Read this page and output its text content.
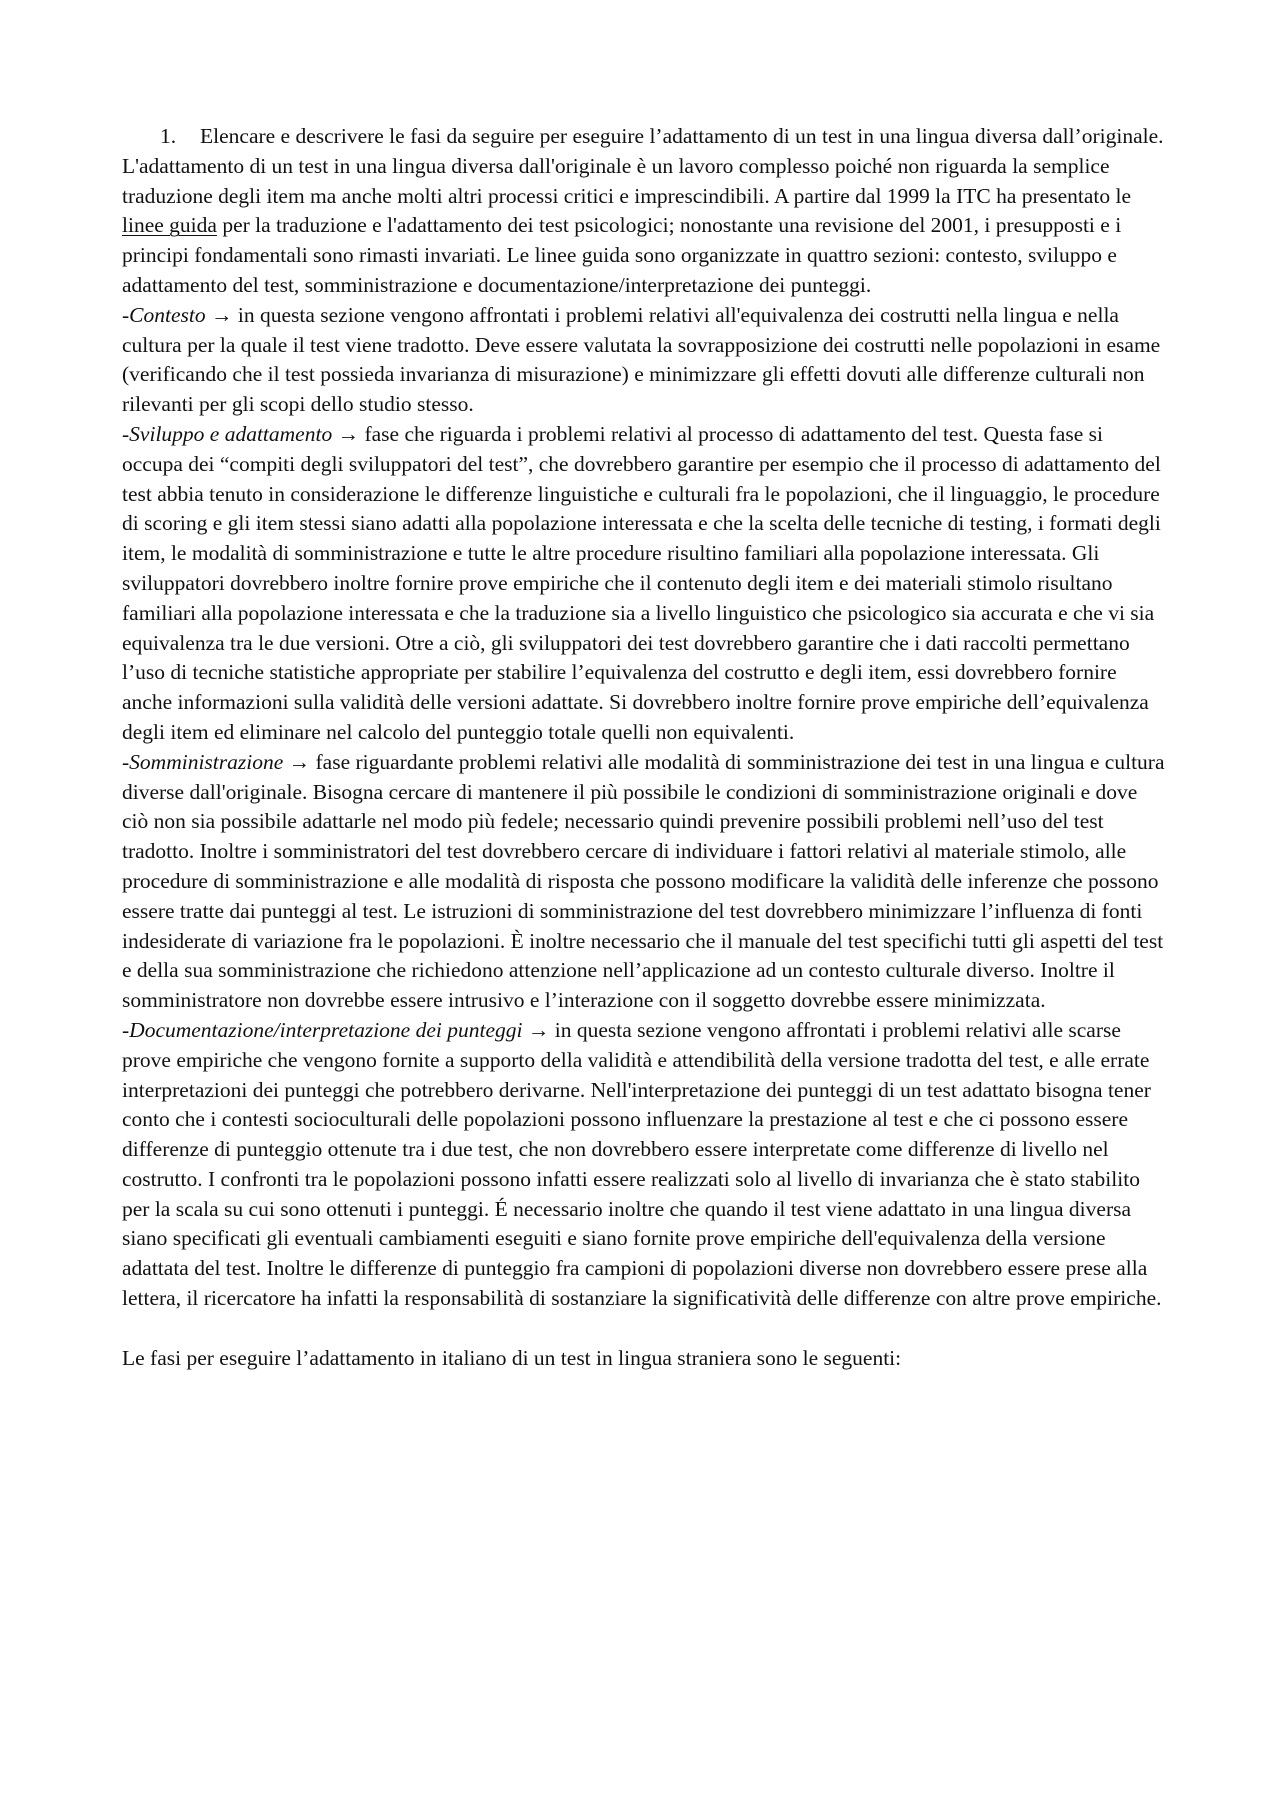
1. Elencare e descrivere le fasi da seguire per eseguire l’adattamento di un test in una lingua diversa dall’originale.

L'adattamento di un test in una lingua diversa dall'originale è un lavoro complesso poiché non riguarda la semplice traduzione degli item ma anche molti altri processi critici e imprescindibili. A partire dal 1999 la ITC ha presentato le linee guida per la traduzione e l'adattamento dei test psicologici; nonostante una revisione del 2001, i presupposti e i principi fondamentali sono rimasti invariati. Le linee guida sono organizzate in quattro sezioni: contesto, sviluppo e adattamento del test, somministrazione e documentazione/interpretazione dei punteggi.

-Contesto → in questa sezione vengono affrontati i problemi relativi all'equivalenza dei costrutti nella lingua e nella cultura per la quale il test viene tradotto. Deve essere valutata la sovrapposizione dei costrutti nelle popolazioni in esame (verificando che il test possieda invarianza di misurazione) e minimizzare gli effetti dovuti alle differenze culturali non rilevanti per gli scopi dello studio stesso.

-Sviluppo e adattamento → fase che riguarda i problemi relativi al processo di adattamento del test. Questa fase si occupa dei “compiti degli sviluppatori del test”, che dovrebbero garantire per esempio che il processo di adattamento del test abbia tenuto in considerazione le differenze linguistiche e culturali fra le popolazioni, che il linguaggio, le procedure di scoring e gli item stessi siano adatti alla popolazione interessata e che la scelta delle tecniche di testing, i formati degli item, le modalità di somministrazione e tutte le altre procedure risultino familiari alla popolazione interessata. Gli sviluppatori dovrebbero inoltre fornire prove empiriche che il contenuto degli item e dei materiali stimolo risultano familiari alla popolazione interessata e che la traduzione sia a livello linguistico che psicologico sia accurata e che vi sia equivalenza tra le due versioni. Otre a ciò, gli sviluppatori dei test dovrebbero garantire che i dati raccolti permettano l’uso di tecniche statistiche appropriate per stabilire l’equivalenza del costrutto e degli item, essi dovrebbero fornire anche informazioni sulla validità delle versioni adattate. Si dovrebbero inoltre fornire prove empiriche dell’equivalenza degli item ed eliminare nel calcolo del punteggio totale quelli non equivalenti.

-Somministrazione → fase riguardante problemi relativi alle modalità di somministrazione dei test in una lingua e cultura diverse dall'originale. Bisogna cercare di mantenere il più possibile le condizioni di somministrazione originali e dove ciò non sia possibile adattarle nel modo più fedele; necessario quindi prevenire possibili problemi nell’uso del test tradotto. Inoltre i somministratori del test dovrebbero cercare di individuare i fattori relativi al materiale stimolo, alle procedure di somministrazione e alle modalità di risposta che possono modificare la validità delle inferenze che possono essere tratte dai punteggi al test. Le istruzioni di somministrazione del test dovrebbero minimizzare l’influenza di fonti indesiderate di variazione fra le popolazioni. È inoltre necessario che il manuale del test specifichi tutti gli aspetti del test e della sua somministrazione che richiedono attenzione nell’applicazione ad un contesto culturale diverso. Inoltre il somministratore non dovrebbe essere intrusivo e l’interazione con il soggetto dovrebbe essere minimizzata.

-Documentazione/interpretazione dei punteggi → in questa sezione vengono affrontati i problemi relativi alle scarse prove empiriche che vengono fornite a supporto della validità e attendibilità della versione tradotta del test, e alle errate interpretazioni dei punteggi che potrebbero derivarne. Nell'interpretazione dei punteggi di un test adattato bisogna tener conto che i contesti socioculturali delle popolazioni possono influenzare la prestazione al test e che ci possono essere differenze di punteggio ottenute tra i due test, che non dovrebbero essere interpretate come differenze di livello nel costrutto. I confronti tra le popolazioni possono infatti essere realizzati solo al livello di invarianza che è stato stabilito per la scala su cui sono ottenuti i punteggi. É necessario inoltre che quando il test viene adattato in una lingua diversa siano specificati gli eventuali cambiamenti eseguiti e siano fornite prove empiriche dell'equivalenza della versione adattata del test. Inoltre le differenze di punteggio fra campioni di popolazioni diverse non dovrebbero essere prese alla lettera, il ricercatore ha infatti la responsabilità di sostanziare la significatività delle differenze con altre prove empiriche.

Le fasi per eseguire l’adattamento in italiano di un test in lingua straniera sono le seguenti:
